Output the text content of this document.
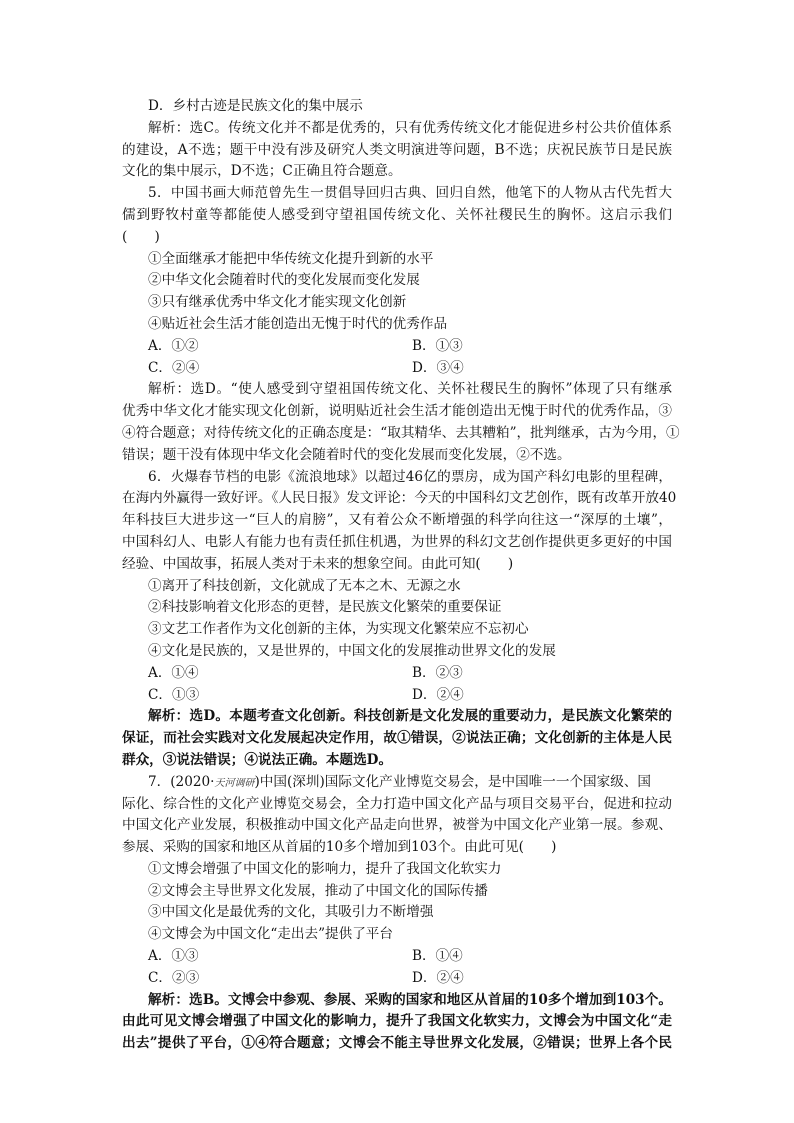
D．乡村古迹是民族文化的集中展示
解析：选C。传统文化并不都是优秀的，只有优秀传统文化才能促进乡村公共价值体系
的建设，A不选；题干中没有涉及研究人类文明演进等问题，B不选；庆祝民族节日是民族
文化的集中展示，D不选；C正确且符合题意。
5．中国书画大师范曾先生一贯倡导回归古典、回归自然，他笔下的人物从古代先哲大
儒到野牧村童等都能使人感受到守望祖国传统文化、关怀社稷民生的胸怀。这启示我们
(　　)
①全面继承才能把中华传统文化提升到新的水平
②中华文化会随着时代的变化发展而变化发展
③只有继承优秀中华文化才能实现文化创新
④贴近社会生活才能创造出无愧于时代的优秀作品
A．①②	B．①③
C．②④	D．③④
解析：选D。“使人感受到守望祖国传统文化、关怀社稷民生的胸怀”体现了只有继承
优秀中华文化才能实现文化创新，说明贴近社会生活才能创造出无愧于时代的优秀作品，③
④符合题意；对待传统文化的正确态度是：“取其精华、去其糟粕”，批判继承，古为今用，①
错误；题干没有体现中华文化会随着时代的变化发展而变化发展，②不选。
6．火爆春节档的电影《流浪地球》以超过46亿的票房，成为国产科幻电影的里程碑，
在海内外赢得一致好评。《人民日报》发文评论：今天的中国科幻文艺创作，既有改革开放40
年科技巨大进步这一“巨人的肩膀”，又有着公众不断增强的科学向往这一“深厚的土壤”，
中国科幻人、电影人有能力也有责任抓住机遇，为世界的科幻文艺创作提供更多更好的中国
经验、中国故事，拓展人类对于未来的想象空间。由此可知(　　)
①离开了科技创新，文化就成了无本之木、无源之水
②科技影响着文化形态的更替，是民族文化繁荣的重要保证
③文艺工作者作为文化创新的主体，为实现文化繁荣应不忘初心
④文化是民族的，又是世界的，中国文化的发展推动世界文化的发展
A．①④	B．②③
C．①③	D．②④
解析：选D。本题考查文化创新。科技创新是文化发展的重要动力，是民族文化繁荣的
保证，而社会实践对文化发展起决定作用，故①错误，②说法正确；文化创新的主体是人民
群众，③说法错误；④说法正确。本题选D。
7．(2020·天河调研)中国(深圳)国际文化产业博览交易会，是中国唯一一个国家级、国
际化、综合性的文化产业博览交易会，全力打造中国文化产品与项目交易平台，促进和拉动
中国文化产业发展，积极推动中国文化产品走向世界，被誉为中国文化产业第一展。参观、
参展、采购的国家和地区从首届的10多个增加到103个。由此可见(　　)
①文博会增强了中国文化的影响力，提升了我国文化软实力
②文博会主导世界文化发展，推动了中国文化的国际传播
③中国文化是最优秀的文化，其吸引力不断增强
④文博会为中国文化“走出去”提供了平台
A．①③	B．①④
C．②③	D．②④
解析：选B。文博会中参观、参展、采购的国家和地区从首届的10多个增加到103个。
由此可见文博会增强了中国文化的影响力，提升了我国文化软实力，文博会为中国文化“走
出去”提供了平台，①④符合题意；文博会不能主导世界文化发展，②错误；世界上各个民
